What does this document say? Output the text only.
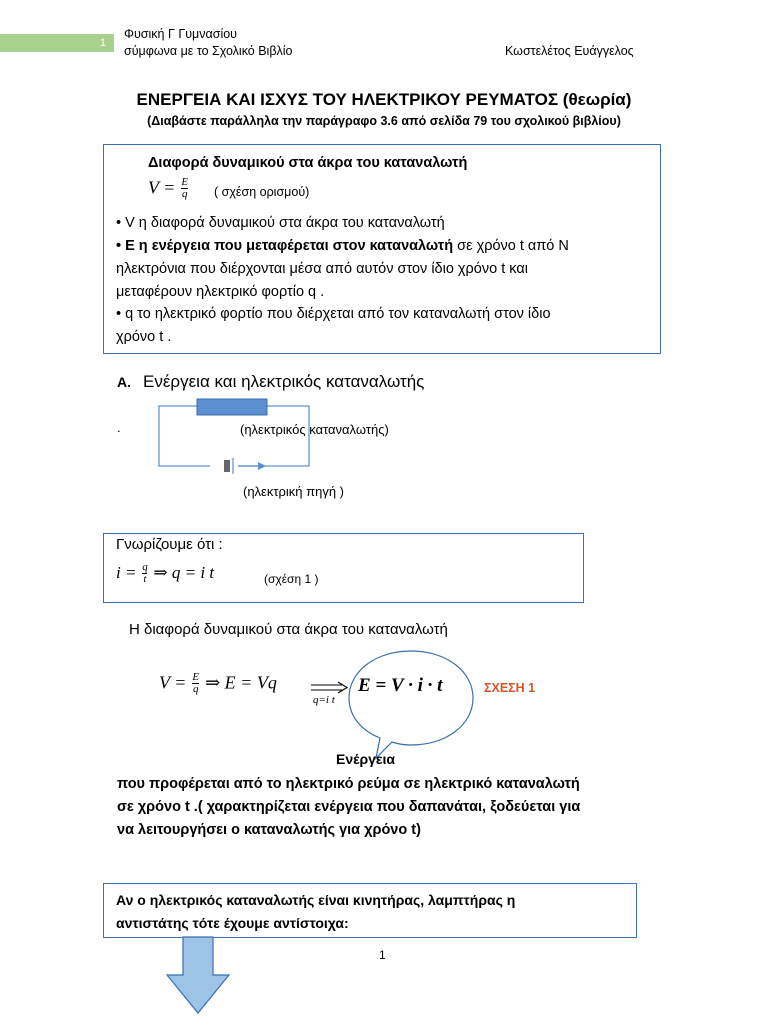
1
Φυσική Γ Γυμνασίου
σύμφωνα με το Σχολικό Βιβλίο	Κωστελέτος Ευάγγελος
ΕΝΕΡΓΕΙΑ ΚΑΙ ΙΣΧΥΣ ΤΟΥ ΗΛΕΚΤΡΙΚΟΥ ΡΕΥΜΑΤΟΣ (θεωρία)
(Διαβάστε παράλληλα την παράγραφο 3.6 από σελίδα 79 του σχολικού βιβλίου)
Διαφορά δυναμικού στα άκρα του καταναλωτή
$V = \frac{E}{q}$ ( σχέση ορισμού)
• V η διαφορά δυναμικού στα άκρα του καταναλωτή
• Ε η ενέργεια που μεταφέρεται στον καταναλωτή σε χρόνο t από N
ηλεκτρόνια που διέρχονται μέσα από αυτόν στον ίδιο χρόνο t και
μεταφέρουν ηλεκτρικό φορτίο q .
• q το ηλεκτρικό φορτίο που διέρχεται από τον καταναλωτή στον ίδιο
χρόνο t .
Α. Ενέργεια και ηλεκτρικός καταναλωτής
.	(ηλεκτρικός καταναλωτής)
(ηλεκτρική πηγή )
Γνωρίζουμε ότι :
$i = \frac{q}{t}$ ⇒ q = i t	(σχέση 1 )
Η διαφορά δυναμικού στα άκρα του καταναλωτή
$V = \frac{E}{q}$ ⇒ E = Vq
q=i t
E = V · i · t	ΣΧΕΣΗ 1
Ενέργεια
που προφέρεται από το ηλεκτρικό ρεύμα σε ηλεκτρικό καταναλωτή
σε χρόνο t .( χαρακτηρίζεται ενέργεια που δαπανάται, ξοδεύεται για
να λειτουργήσει ο καταναλωτής για χρόνο t)
Αν ο ηλεκτρικός καταναλωτής είναι κινητήρας, λαμπτήρας η
αντιστάτης τότε έχουμε αντίστοιχα:
1
